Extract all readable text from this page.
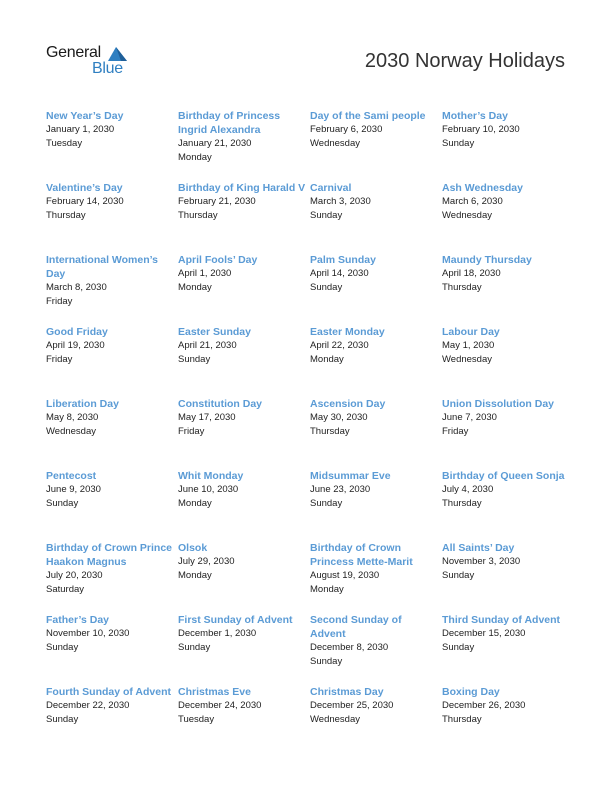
General
Blue	2030 Norway Holidays
New Year’s Day
January 1, 2030
Tuesday
Birthday of Princess Ingrid Alexandra
January 21, 2030
Monday
Day of the Sami people
February 6, 2030
Wednesday
Mother’s Day
February 10, 2030
Sunday
Valentine’s Day
February 14, 2030
Thursday
Birthday of King Harald V
February 21, 2030
Thursday
Carnival
March 3, 2030
Sunday
Ash Wednesday
March 6, 2030
Wednesday
International Women’s Day
March 8, 2030
Friday
April Fools’ Day
April 1, 2030
Monday
Palm Sunday
April 14, 2030
Sunday
Maundy Thursday
April 18, 2030
Thursday
Good Friday
April 19, 2030
Friday
Easter Sunday
April 21, 2030
Sunday
Easter Monday
April 22, 2030
Monday
Labour Day
May 1, 2030
Wednesday
Liberation Day
May 8, 2030
Wednesday
Constitution Day
May 17, 2030
Friday
Ascension Day
May 30, 2030
Thursday
Union Dissolution Day
June 7, 2030
Friday
Pentecost
June 9, 2030
Sunday
Whit Monday
June 10, 2030
Monday
Midsummar Eve
June 23, 2030
Sunday
Birthday of Queen Sonja
July 4, 2030
Thursday
Birthday of Crown Prince Haakon Magnus
July 20, 2030
Saturday
Olsok
July 29, 2030
Monday
Birthday of Crown Princess Mette-Marit
August 19, 2030
Monday
All Saints’ Day
November 3, 2030
Sunday
Father’s Day
November 10, 2030
Sunday
First Sunday of Advent
December 1, 2030
Sunday
Second Sunday of Advent
December 8, 2030
Sunday
Third Sunday of Advent
December 15, 2030
Sunday
Fourth Sunday of Advent
December 22, 2030
Sunday
Christmas Eve
December 24, 2030
Tuesday
Christmas Day
December 25, 2030
Wednesday
Boxing Day
December 26, 2030
Thursday
